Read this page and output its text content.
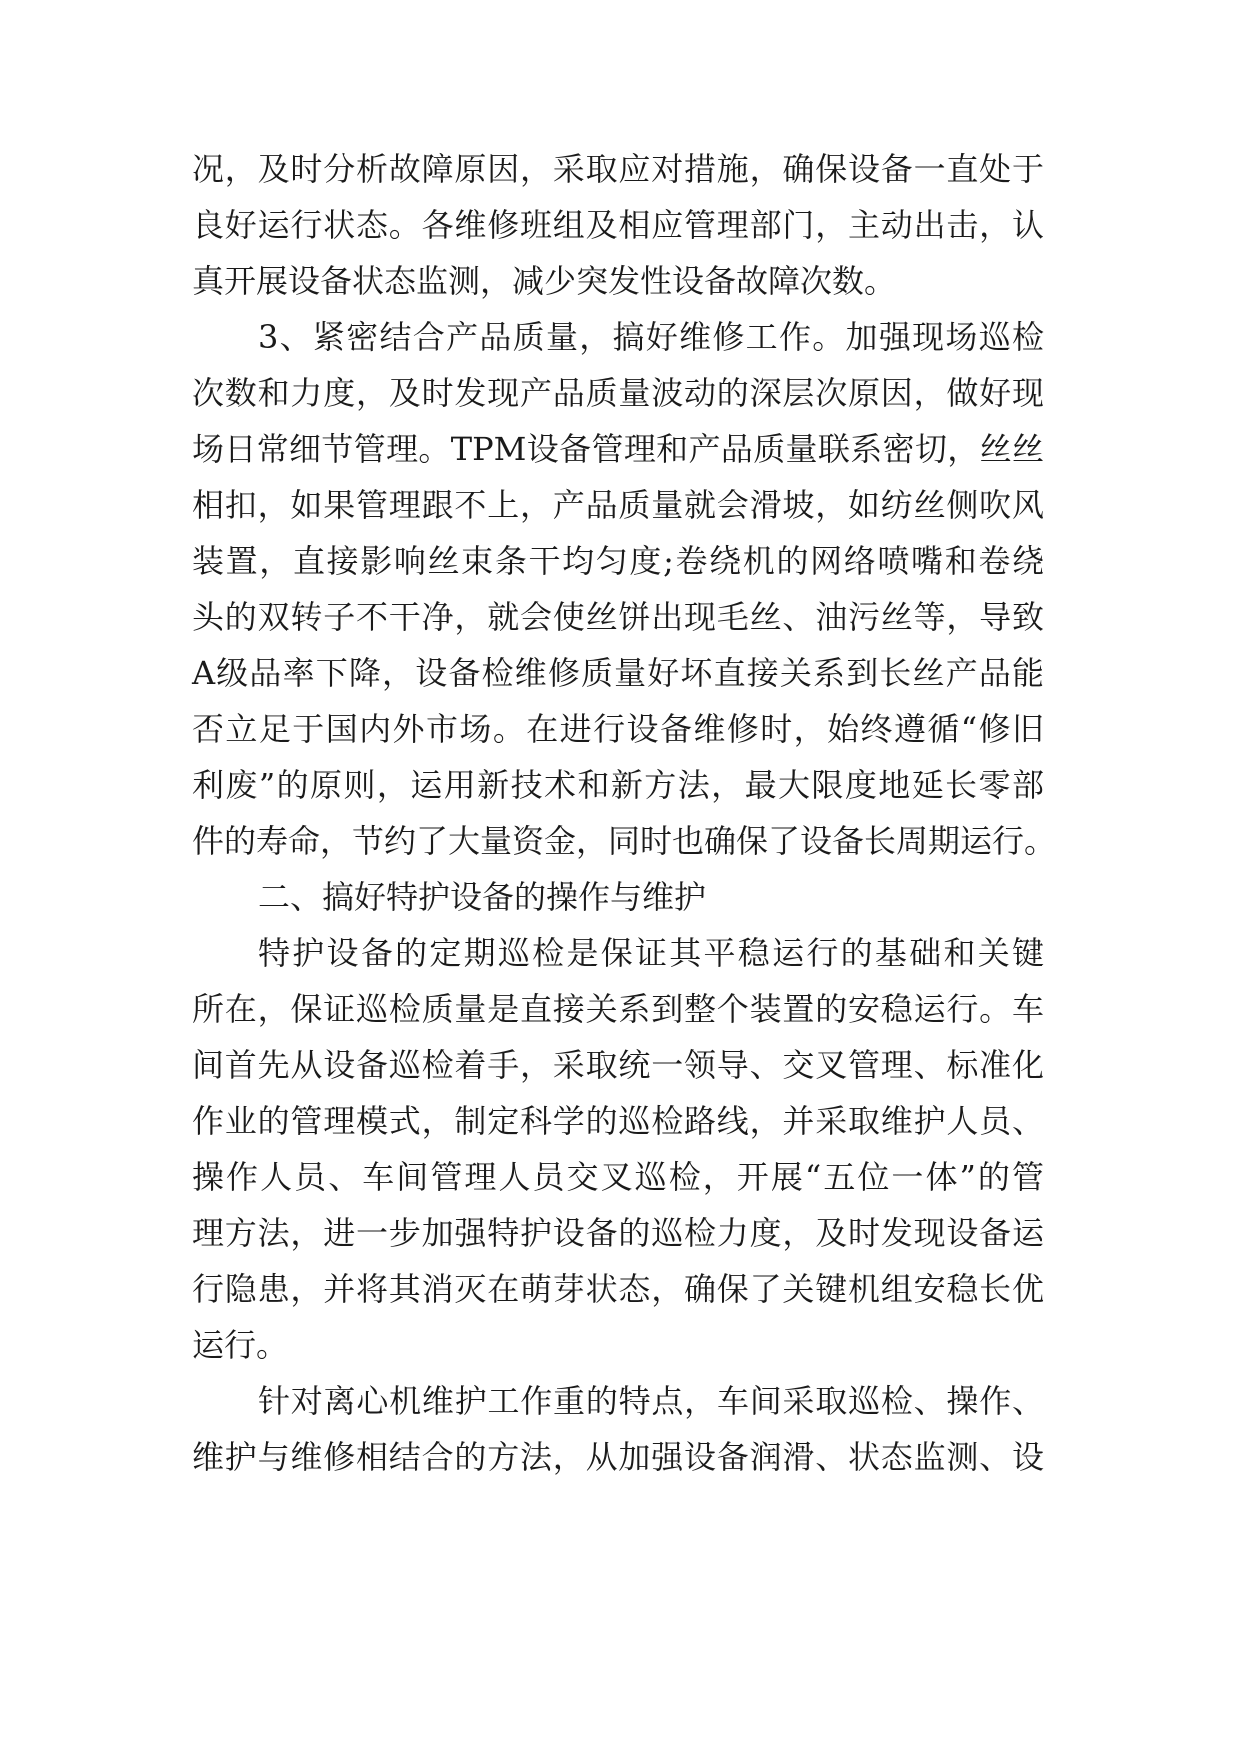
况，及时分析故障原因，采取应对措施，确保设备一直处于
良好运行状态。各维修班组及相应管理部门，主动出击，认
真开展设备状态监测，减少突发性设备故障次数。
3、紧密结合产品质量，搞好维修工作。加强现场巡检
次数和力度，及时发现产品质量波动的深层次原因，做好现
场日常细节管理。TPM设备管理和产品质量联系密切，丝丝
相扣，如果管理跟不上，产品质量就会滑坡，如纺丝侧吹风
装置，直接影响丝束条干均匀度;卷绕机的网络喷嘴和卷绕
头的双转子不干净，就会使丝饼出现毛丝、油污丝等，导致
A级品率下降，设备检维修质量好坏直接关系到长丝产品能
否立足于国内外市场。在进行设备维修时，始终遵循“修旧
利废”的原则，运用新技术和新方法，最大限度地延长零部
件的寿命，节约了大量资金，同时也确保了设备长周期运行。
二、搞好特护设备的操作与维护
特护设备的定期巡检是保证其平稳运行的基础和关键
所在，保证巡检质量是直接关系到整个装置的安稳运行。车
间首先从设备巡检着手，采取统一领导、交叉管理、标准化
作业的管理模式，制定科学的巡检路线，并采取维护人员、
操作人员、车间管理人员交叉巡检，开展“五位一体”的管
理方法，进一步加强特护设备的巡检力度，及时发现设备运
行隐患，并将其消灭在萌芽状态，确保了关键机组安稳长优
运行。
针对离心机维护工作重的特点，车间采取巡检、操作、
维护与维修相结合的方法，从加强设备润滑、状态监测、设
